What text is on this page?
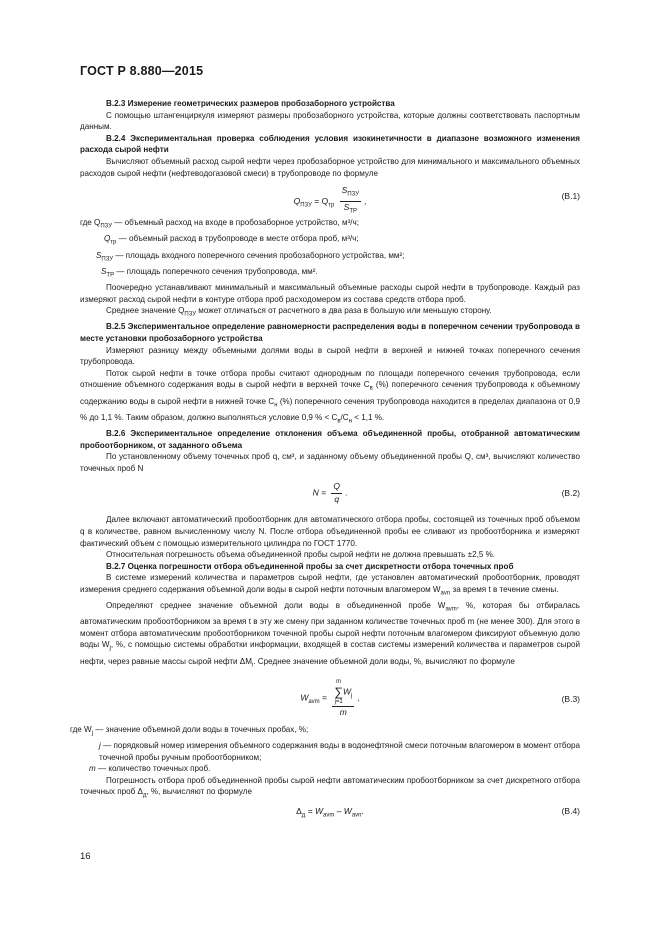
ГОСТ Р 8.880—2015

В.2.3 Измерение геометрических размеров пробозаборного устройства

С помощью штангенциркуля измеряют размеры пробозаборного устройства, которые должны соответствовать паспортным данным.

В.2.4 Экспериментальная проверка соблюдения условия изокинетичности в диапазоне возможного изменения расхода сырой нефти

Вычисляют объемный расход сырой нефти через пробозаборное устройство для минимального и максимального объемных расходов сырой нефти (нефтеводогазовой смеси) в трубопроводе по формуле

$Q_{ПЗУ} = Q_{тр} \frac{S_{ПЗУ}}{S_{ТР}}$ ,
(В.1)

где $Q_{ПЗУ}$ — объемный расход на входе в пробозаборное устройство, м³/ч;

$Q_{тр}$ — объемный расход в трубопроводе в месте отбора проб, м³/ч;

$S_{ПЗУ}$ — площадь входного поперечного сечения пробозаборного устройства, мм²;

$S_{ТР}$ — площадь поперечного сечения трубопровода, мм².

Поочередно устанавливают минимальный и максимальный объемные расходы сырой нефти в трубопроводе. Каждый раз измеряют расход сырой нефти в контуре отбора проб расходомером из состава средств отбора проб.

Среднее значение $Q_{ПЗУ}$ может отличаться от расчетного в два раза в большую или меньшую сторону.

В.2.5 Экспериментальное определение равномерности распределения воды в поперечном сечении трубопровода в месте установки пробозаборного устройства

Измеряют разницу между объемными долями воды в сырой нефти в верхней и нижней точках поперечного сечения трубопровода.

Поток сырой нефти в точке отбора пробы считают однородным по площади поперечного сечения трубопровода, если отношение объемного содержания воды в сырой нефти в верхней точке $C_в$ (%) поперечного сечения трубопровода к объемному содержанию воды в сырой нефти в нижней точке $C_н$ (%) поперечного сечения трубопровода находится в пределах диапазона от 0,9 % до 1,1 %. Таким образом, должно выполняться условие 0,9 % < $C_в/C_н < 1,1$ %.

В.2.6 Экспериментальное определение отклонения объема объединенной пробы, отобранной автоматическим пробоотборником, от заданного объема

По установленному объему точечных проб q, см³, и заданному объему объединенной пробы Q, см³, вычисляют количество точечных проб N

$N = \frac{Q}{q}$ .	(В.2)

Далее включают автоматический пробоотборник для автоматического отбора пробы, состоящей из точечных проб объемом q в количестве, равном вычисленному числу N. После отбора объединенной пробы ее сливают из пробоотборника и измеряют фактический объем с помощью измерительного цилиндра по ГОСТ 1770.

Относительная погрешность объема объединенной пробы сырой нефти не должна превышать ±2,5 %.

В.2.7 Оценка погрешности отбора объединенной пробы за счет дискретности отбора точечных проб

В системе измерений количества и параметров сырой нефти, где установлен автоматический пробоотборник, проводят измерения среднего содержания объемной доли воды в сырой нефти поточным влагомером $W_{avn}$ за время t в течение смены.

Определяют среднее значение объемной доли воды в объединенной пробе $W_{avm}$, %, которая бы отбиралась автоматическим пробоотборником за время t в эту же смену при заданном количестве точечных проб m (не менее 300). Для этого в момент отбора автоматическим пробоотборником точечной пробы сырой нефти поточным влагомером фиксируют объемную долю воды $W_j$, %, с помощью системы обработки информации, входящей в состав системы измерений количества и параметров сырой нефти, через равные массы сырой нефти $\Delta M_i$. Среднее значение объемной доли воды, %, вычисляют по формуле

$W_{avm} = m$
∑
j=1
$W_j$
m ,	(В.3)

где $W_j$ — значение объемной доли воды в точечных пробах, %;

j — порядковый номер измерения объемного содержания воды в водонефтяной смеси поточным влагомером в момент отбора точечной пробы ручным пробоотборником;

m — количество точечных проб.

Погрешность отбора проб объединенной пробы сырой нефти автоматическим пробоотборником за счет дискретного отбора точечных проб $\Delta_д$, %, вычисляют по формуле

$\Delta_д = W_{avm} - W_{avn}$.	(В.4)
16
